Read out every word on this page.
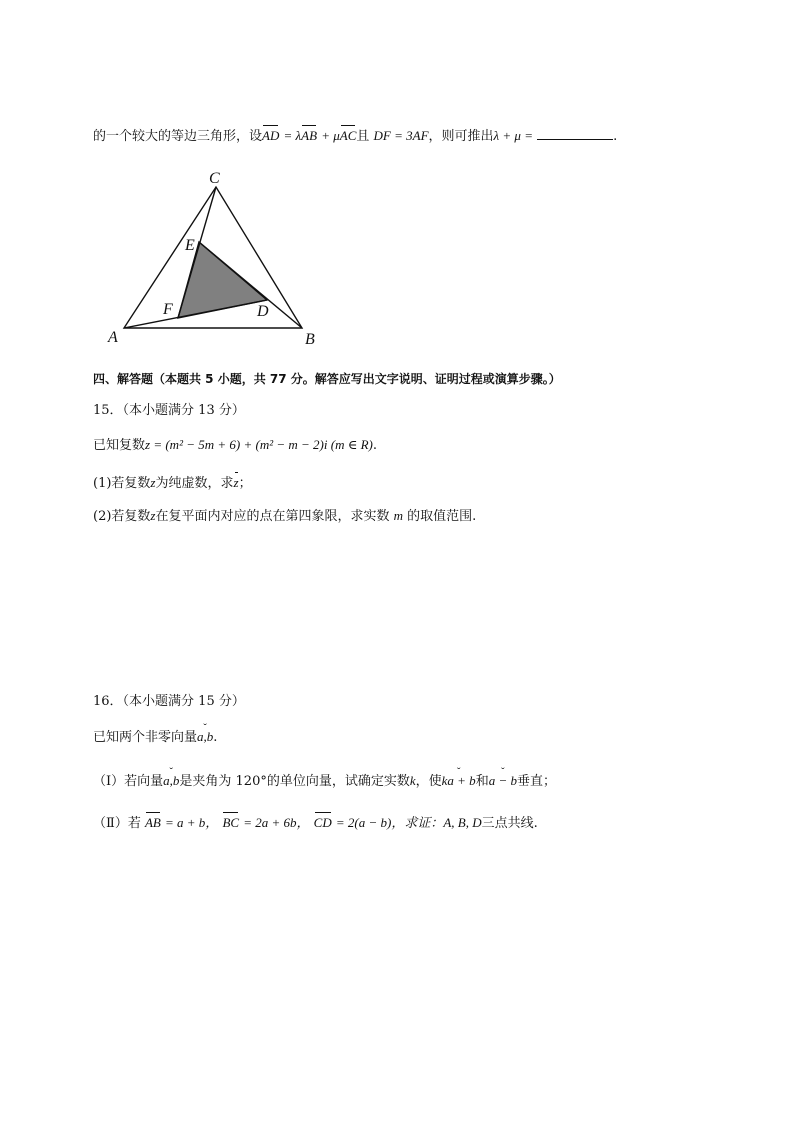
的一个较大的等边三角形，设AD = λAB + μAC且 DF = 3AF，则可推出λ + μ =	.
C
E
F	D
A	B
四、解答题（本题共 5 小题，共 77 分。解答应写出文字说明、证明过程或演算步骤。）
15．（本小题满分 13 分）
已知复数z = (m² − 5m + 6) + (m² − m − 2)i (m ∈ R).
(1)若复数z为纯虚数，求z；
(2)若复数z在复平面内对应的点在第四象限，求实数 m 的取值范围.
16．（本小题满分 15 分）
已知两个非零向量ˇ a,b.
（Ⅰ）若向量ˇ a,b是夹角为 120°的单位向量，试确定实数k，使ˇ ka + b和ˇ a − b垂直；
（Ⅱ）若 AB = a + b， BC = 2a + 6b， CD = 2(a − b)，求证：A, B, D三点共线.
